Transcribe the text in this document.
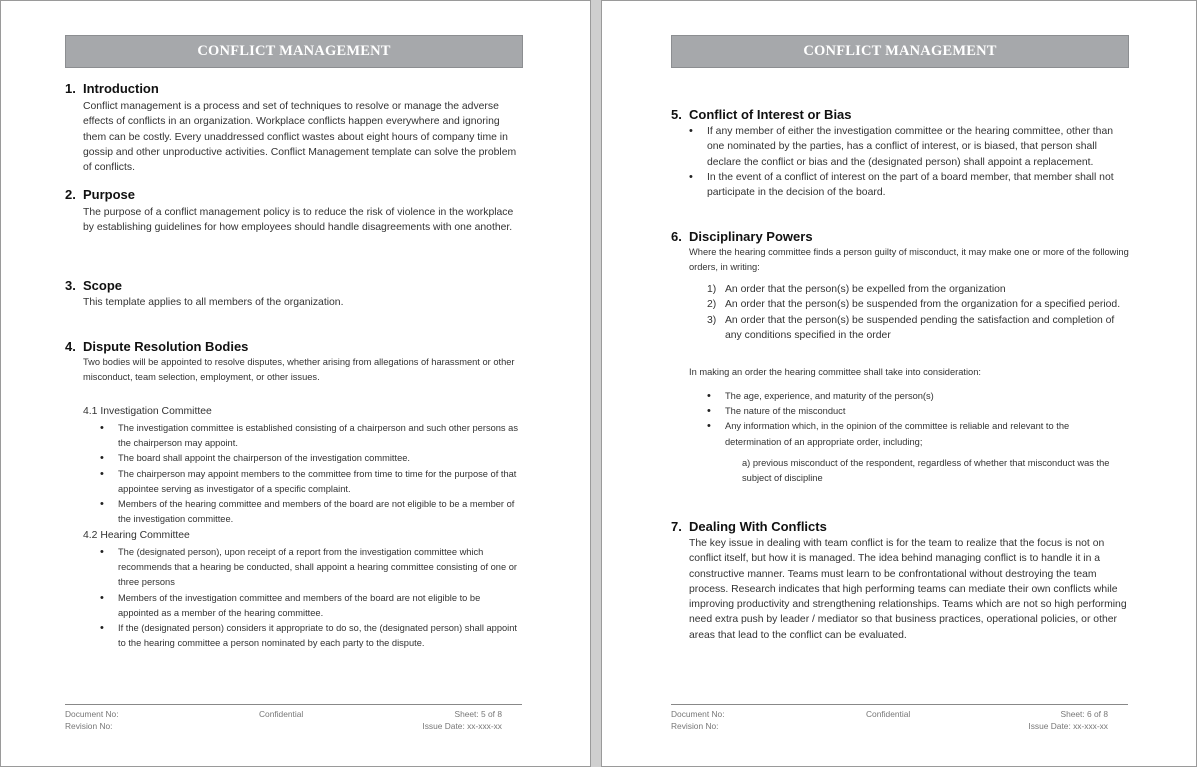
CONFLICT MANAGEMENT
1. Introduction
Conflict management is a process and set of techniques to resolve or manage the adverse effects of conflicts in an organization. Workplace conflicts happen everywhere and ignoring them can be costly. Every unaddressed conflict wastes about eight hours of company time in gossip and other unproductive activities. Conflict Management template can solve the problem of conflicts.
2. Purpose
The purpose of a conflict management policy is to reduce the risk of violence in the workplace by establishing guidelines for how employees should handle disagreements with one another.
3. Scope
This template applies to all members of the organization.
4. Dispute Resolution Bodies
Two bodies will be appointed to resolve disputes, whether arising from allegations of harassment or other misconduct, team selection, employment, or other issues.
4.1 Investigation Committee
• The investigation committee is established consisting of a chairperson and such other persons as the chairperson may appoint.
• The board shall appoint the chairperson of the investigation committee.
• The chairperson may appoint members to the committee from time to time for the purpose of that appointee serving as investigator of a specific complaint.
• Members of the hearing committee and members of the board are not eligible to be a member of the investigation committee.
4.2 Hearing Committee
• The (designated person), upon receipt of a report from the investigation committee which recommends that a hearing be conducted, shall appoint a hearing committee consisting of one or three persons
• Members of the investigation committee and members of the board are not eligible to be appointed as a member of the hearing committee.
• If the (designated person) considers it appropriate to do so, the (designated person) shall appoint to the hearing committee a person nominated by each party to the dispute.
Document No:
Revision No:
Confidential	Sheet: 5 of 8
Issue Date: xx-xxx-xx
CONFLICT MANAGEMENT
5. Conflict of Interest or Bias
• If any member of either the investigation committee or the hearing committee, other than one nominated by the parties, has a conflict of interest, or is biased, that person shall declare the conflict or bias and the (designated person) shall appoint a replacement.
• In the event of a conflict of interest on the part of a board member, that member shall not participate in the decision of the board.
6. Disciplinary Powers
Where the hearing committee finds a person guilty of misconduct, it may make one or more of the following orders, in writing:
1) An order that the person(s) be expelled from the organization
2) An order that the person(s) be suspended from the organization for a specified period.
3) An order that the person(s) be suspended pending the satisfaction and completion of any conditions specified in the order
In making an order the hearing committee shall take into consideration:
• The age, experience, and maturity of the person(s)
• The nature of the misconduct
• Any information which, in the opinion of the committee is reliable and relevant to the determination of an appropriate order, including;
a) previous misconduct of the respondent, regardless of whether that misconduct was the subject of discipline
7. Dealing With Conflicts
The key issue in dealing with team conflict is for the team to realize that the focus is not on conflict itself, but how it is managed. The idea behind managing conflict is to handle it in a constructive manner. Teams must learn to be confrontational without destroying the team process. Research indicates that high performing teams can mediate their own conflicts while improving productivity and strengthening relationships. Teams which are not so high performing need extra push by leader / mediator so that business practices, operational policies, or other areas that lead to the conflict can be evaluated.
Document No:
Revision No:
Confidential	Sheet: 6 of 8
Issue Date: xx-xxx-xx
